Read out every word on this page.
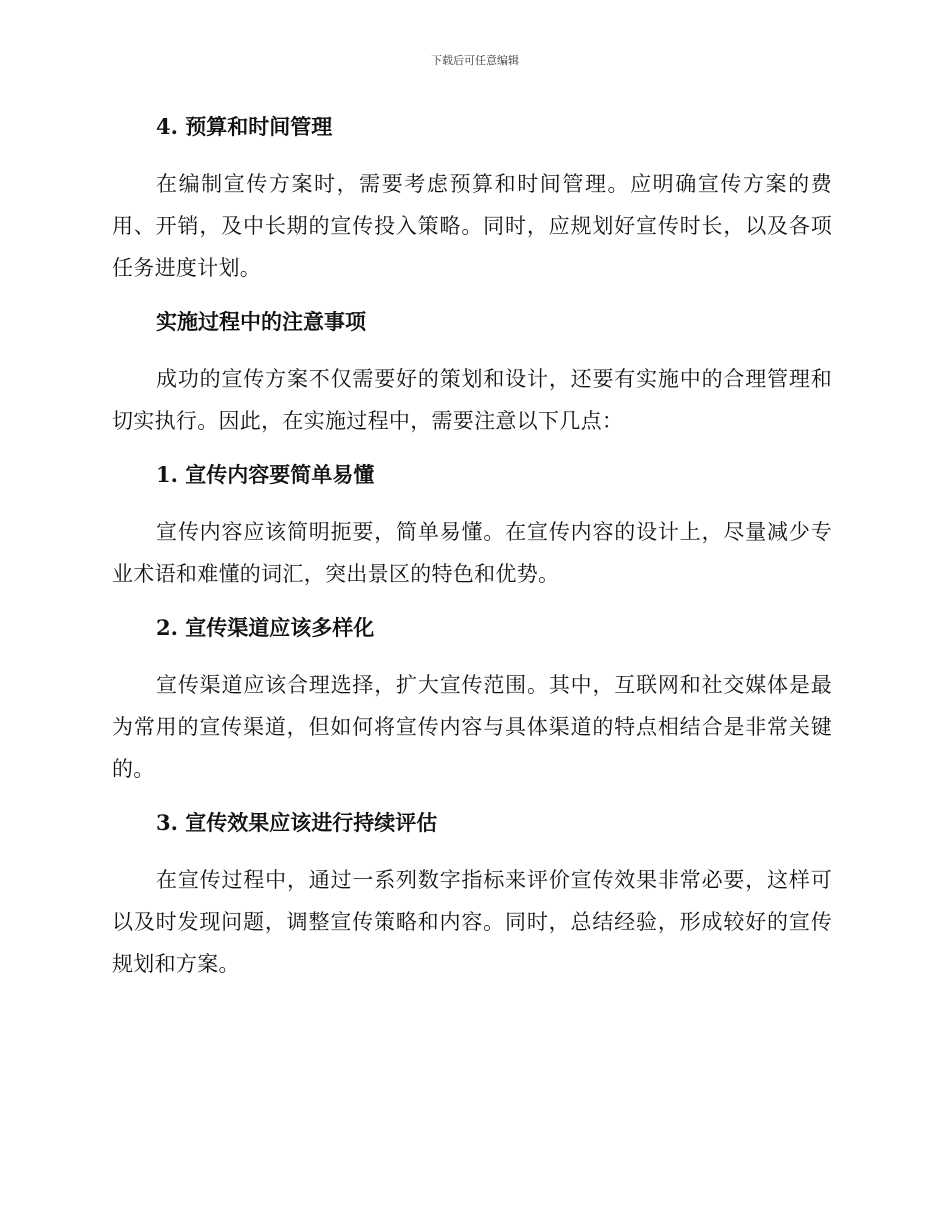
下载后可任意编辑
4. 预算和时间管理

在编制宣传方案时，需要考虑预算和时间管理。应明确宣传方案的费用、开销，及中长期的宣传投入策略。同时，应规划好宣传时长，以及各项任务进度计划。

实施过程中的注意事项

成功的宣传方案不仅需要好的策划和设计，还要有实施中的合理管理和切实执行。因此，在实施过程中，需要注意以下几点：

1. 宣传内容要简单易懂

宣传内容应该简明扼要，简单易懂。在宣传内容的设计上，尽量减少专业术语和难懂的词汇，突出景区的特色和优势。

2. 宣传渠道应该多样化

宣传渠道应该合理选择，扩大宣传范围。其中，互联网和社交媒体是最为常用的宣传渠道，但如何将宣传内容与具体渠道的特点相结合是非常关键的。

3. 宣传效果应该进行持续评估

在宣传过程中，通过一系列数字指标来评价宣传效果非常必要，这样可以及时发现问题，调整宣传策略和内容。同时，总结经验，形成较好的宣传规划和方案。
